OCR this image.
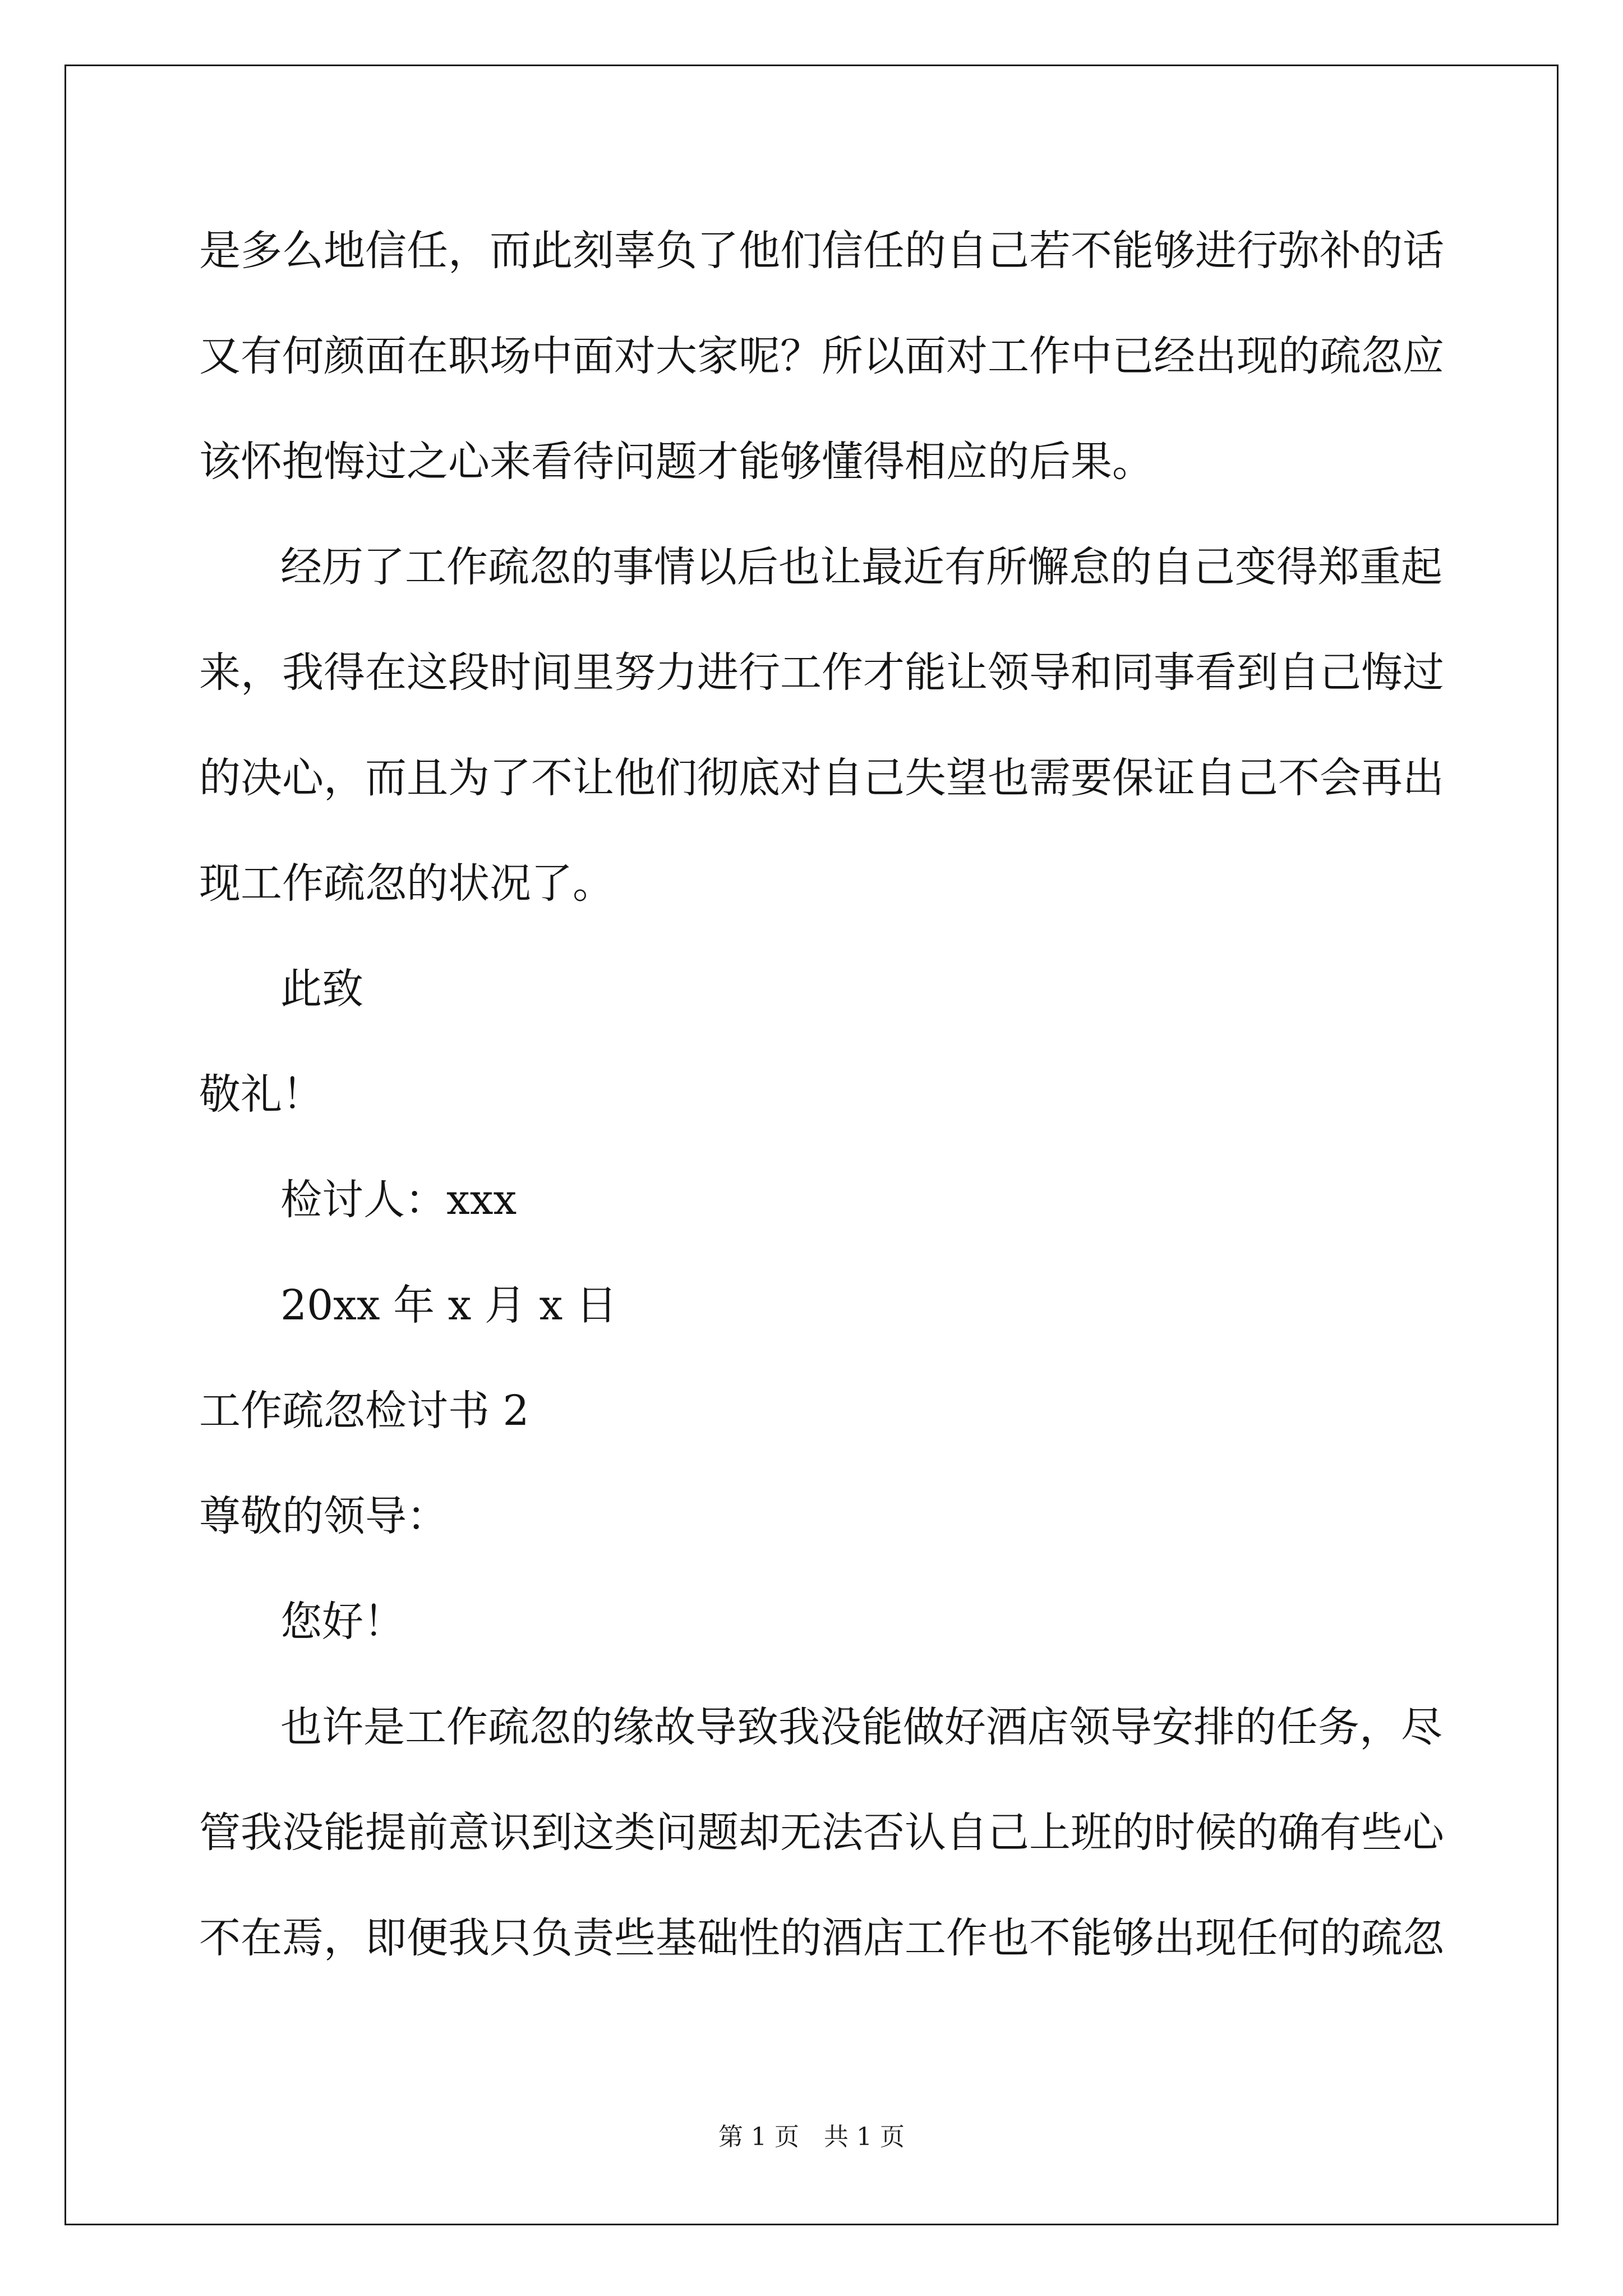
是多么地信任，而此刻辜负了他们信任的自己若不能够进行弥补的话
又有何颜面在职场中面对大家呢？所以面对工作中已经出现的疏忽应
该怀抱悔过之心来看待问题才能够懂得相应的后果。
经历了工作疏忽的事情以后也让最近有所懈怠的自己变得郑重起
来，我得在这段时间里努力进行工作才能让领导和同事看到自己悔过
的决心，而且为了不让他们彻底对自己失望也需要保证自己不会再出
现工作疏忽的状况了。
此致
敬礼！
检讨人：xxx
20xx 年 x 月 x 日
工作疏忽检讨书 2
尊敬的领导：
您好！
也许是工作疏忽的缘故导致我没能做好酒店领导安排的任务，尽
管我没能提前意识到这类问题却无法否认自己上班的时候的确有些心
不在焉，即便我只负责些基础性的酒店工作也不能够出现任何的疏忽
第 1 页　共 1 页
